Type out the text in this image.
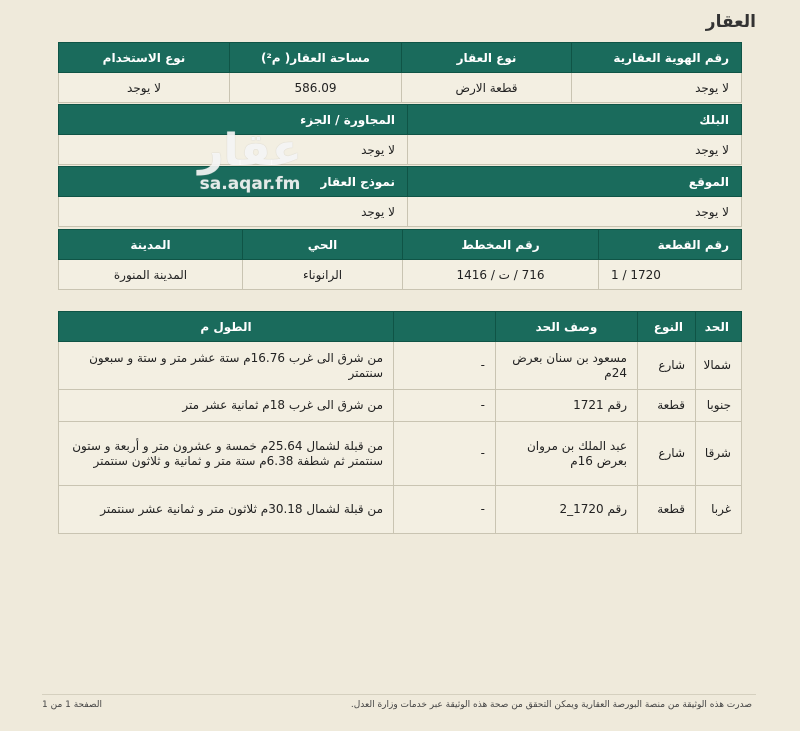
العقار
رقم الهوية العقارية	نوع العقار	مساحة العقار( م²)	نوع الاستخدام
لا يوجد	قطعة الارض	586.09	لا يوجد
البلك	المجاورة / الجزء
لا يوجد	لا يوجد
الموقع	نموذج العقار
لا يوجد	لا يوجد
رقم القطعة	رقم المخطط	الحي	المدينة
1720 / 1	716 / ت / 1416	الرانوناء	المدينة المنورة
الحد	النوع	وصف الحد		الطول م
شمالا	شارع	مسعود بن سنان بعرض 24م	-	من شرق الى غرب 16.76م ستة عشر متر و ستة و سبعون سنتمتر
جنوبا	قطعة	رقم 1721	-	من شرق الى غرب 18م ثمانية عشر متر
شرقا	شارع	عبد الملك بن مروان بعرض 16م	-	من قبلة لشمال 25.64م خمسة و عشرون متر و أربعة و ستون سنتمتر ثم شطفة 6.38م ستة متر و ثمانية و ثلاثون سنتمتر
غربا	قطعة	رقم 1720_2	-	من قبلة لشمال 30.18م ثلاثون متر و ثمانية عشر سنتمتر
عقار
sa.aqar.fm
صدرت هذه الوثيقة من منصة البورصة العقارية ويمكن التحقق من صحة هذه الوثيقة عبر خدمات وزارة العدل.
الصفحة 1 من 1
